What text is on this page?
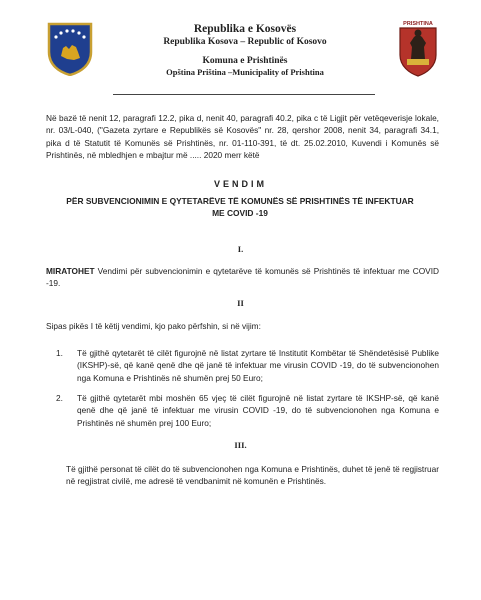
Republika e Kosovës
Republika Kosova – Republic of Kosovo
Komuna e Prishtinës
Opština Priština –Municipality of Prishtina
PRISHTINA
Në bazë të nenit 12, paragrafi 12.2, pika d, nenit 40, paragrafi 40.2, pika c të Ligjit për vetëqeverisje lokale, nr. 03/L-040, ("Gazeta zyrtare e Republikës së Kosovës" nr. 28, qershor 2008, nenit 34, paragrafi 34.1, pika d të Statutit të Komunës së Prishtinës, nr. 01-110-391, të dt. 25.02.2010, Kuvendi i Komunës së Prishtinës, në mbledhjen e mbajtur më ..... 2020 merr këtë
VENDIM
PËR SUBVENCIONIMIN E QYTETARËVE TË KOMUNËS SË PRISHTINËS TË INFEKTUAR ME COVID -19
I.
MIRATOHET Vendimi për subvencionimin e qytetarëve të komunës së Prishtinës të infektuar me COVID -19.
II
Sipas pikës I të këtij vendimi, kjo pako përfshin, si në vijim:
1.	Të gjithë qytetarët të cilët figurojnë në listat zyrtare të Institutit Kombëtar të Shëndetësisë Publike (IKSHP)-së, që kanë qenë dhe që janë të infektuar me virusin COVID -19, do të subvencionohen nga Komuna e Prishtinës në shumën prej 50 Euro;
2.	Të gjithë qytetarët mbi moshën 65 vjeç të cilët figurojnë në listat zyrtare të IKSHP-së, që kanë qenë dhe që janë të infektuar me virusin COVID -19, do të subvencionohen nga Komuna e Prishtinës në shumën prej 100 Euro;
III.
Të gjithë personat të cilët do të subvencionohen nga Komuna e Prishtinës, duhet të jenë të regjistruar në regjistrat civilë, me adresë të vendbanimit në komunën e Prishtinës.
